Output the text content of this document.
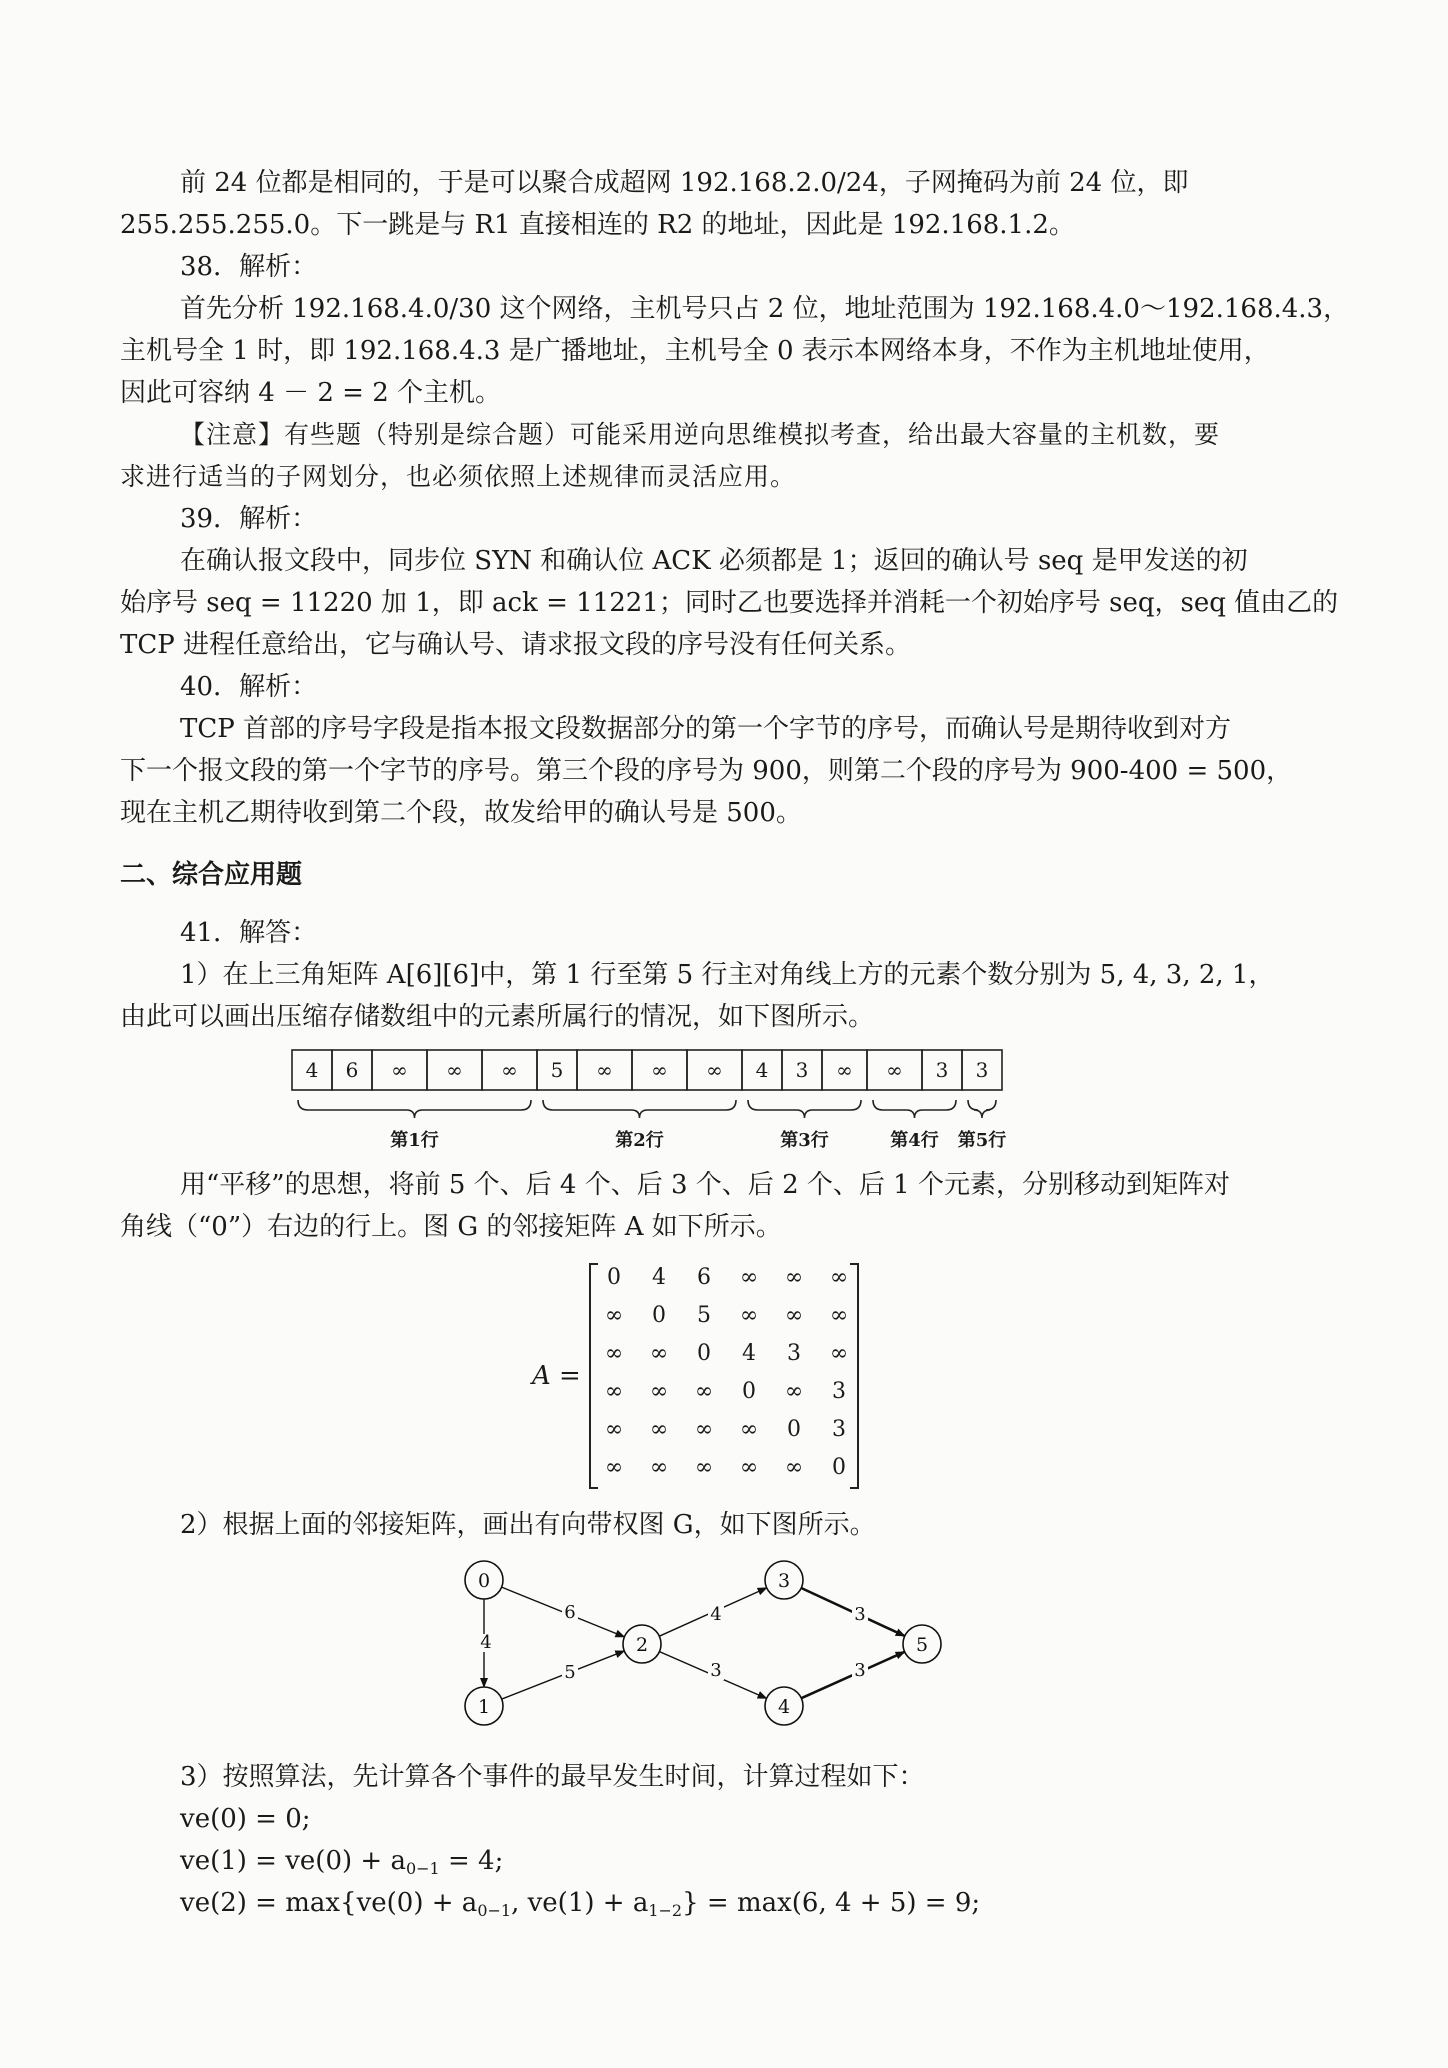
前 24 位都是相同的，于是可以聚合成超网 192.168.2.0/24，子网掩码为前 24 位，即
255.255.255.0。下一跳是与 R1 直接相连的 R2 的地址，因此是 192.168.1.2。
38．解析：
首先分析 192.168.4.0/30 这个网络，主机号只占 2 位，地址范围为 192.168.4.0～192.168.4.3，
主机号全 1 时，即 192.168.4.3 是广播地址，主机号全 0 表示本网络本身，不作为主机地址使用，
因此可容纳 4 － 2 = 2 个主机。
【注意】有些题（特别是综合题）可能采用逆向思维模拟考查，给出最大容量的主机数，要
求进行适当的子网划分，也必须依照上述规律而灵活应用。
39．解析：
在确认报文段中，同步位 SYN 和确认位 ACK 必须都是 1；返回的确认号 seq 是甲发送的初
始序号 seq = 11220 加 1，即 ack = 11221；同时乙也要选择并消耗一个初始序号 seq，seq 值由乙的
TCP 进程任意给出，它与确认号、请求报文段的序号没有任何关系。
40．解析：
TCP 首部的序号字段是指本报文段数据部分的第一个字节的序号，而确认号是期待收到对方
下一个报文段的第一个字节的序号。第三个段的序号为 900，则第二个段的序号为 900-400 = 500，
现在主机乙期待收到第二个段，故发给甲的确认号是 500。
二、综合应用题
41．解答：
1）在上三角矩阵 A[6][6]中，第 1 行至第 5 行主对角线上方的元素个数分别为 5, 4, 3, 2, 1，
由此可以画出压缩存储数组中的元素所属行的情况，如下图所示。
4 6 ∞ ∞ ∞ 5 ∞ ∞ ∞ 4 3 ∞ ∞ 3 3
第1行	第2行	第3行	第4行 第5行
用“平移”的思想，将前 5 个、后 4 个、后 3 个、后 2 个、后 1 个元素，分别移动到矩阵对
角线（“0”）右边的行上。图 G 的邻接矩阵 A 如下所示。
A =
0 4 6 ∞ ∞ ∞
∞ 0 5 ∞ ∞ ∞
∞ ∞ 0 4 3 ∞
∞ ∞ ∞ 0 ∞ 3
∞ ∞ ∞ ∞ 0 3
∞ ∞ ∞ ∞ ∞ 0
2）根据上面的邻接矩阵，画出有向带权图 G，如下图所示。
4
6
5
4
3
3
3
0
1
2
3
4
5
3）按照算法，先计算各个事件的最早发生时间，计算过程如下：
ve(0) = 0;
$ve(1) = ve(0) + a_{0-1} = 4$;
$ve(2) = \max\{ve(0) + a_{0-1}$, $ve(1) + a_{1-2}\} = \max(6$, 4 + 5) = 9;
